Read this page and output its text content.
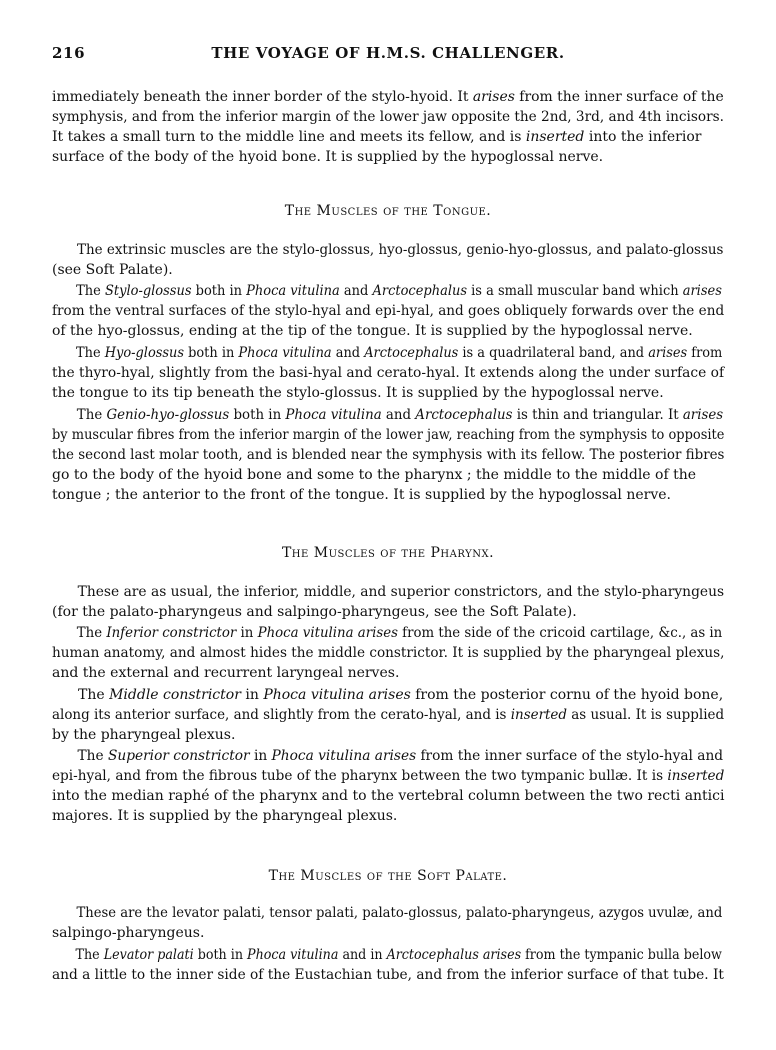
216	THE VOYAGE OF H.M.S. CHALLENGER.

immediately beneath the inner border of the stylo-hyoid. It arises from the inner surface of the
symphysis, and from the inferior margin of the lower jaw opposite the 2nd, 3rd, and 4th incisors.
It takes a small turn to the middle line and meets its fellow, and is inserted into the inferior
surface of the body of the hyoid bone. It is supplied by the hypoglossal nerve.

The Muscles of the Tongue.

The extrinsic muscles are the stylo-glossus, hyo-glossus, genio-hyo-glossus, and palato-glossus
(see Soft Palate).

The Stylo-glossus both in Phoca vitulina and Arctocephalus is a small muscular band which arises
from the ventral surfaces of the stylo-hyal and epi-hyal, and goes obliquely forwards over the end
of the hyo-glossus, ending at the tip of the tongue. It is supplied by the hypoglossal nerve.

The Hyo-glossus both in Phoca vitulina and Arctocephalus is a quadrilateral band, and arises from
the thyro-hyal, slightly from the basi-hyal and cerato-hyal. It extends along the under surface of
the tongue to its tip beneath the stylo-glossus. It is supplied by the hypoglossal nerve.

The Genio-hyo-glossus both in Phoca vitulina and Arctocephalus is thin and triangular. It arises
by muscular fibres from the inferior margin of the lower jaw, reaching from the symphysis to opposite
the second last molar tooth, and is blended near the symphysis with its fellow. The posterior fibres
go to the body of the hyoid bone and some to the pharynx ; the middle to the middle of the
tongue ; the anterior to the front of the tongue. It is supplied by the hypoglossal nerve.

The Muscles of the Pharynx.

These are as usual, the inferior, middle, and superior constrictors, and the stylo-pharyngeus
(for the palato-pharyngeus and salpingo-pharyngeus, see the Soft Palate).

The Inferior constrictor in Phoca vitulina arises from the side of the cricoid cartilage, &c., as in
human anatomy, and almost hides the middle constrictor. It is supplied by the pharyngeal plexus,
and the external and recurrent laryngeal nerves.

The Middle constrictor in Phoca vitulina arises from the posterior cornu of the hyoid bone,
along its anterior surface, and slightly from the cerato-hyal, and is inserted as usual. It is supplied
by the pharyngeal plexus.

The Superior constrictor in Phoca vitulina arises from the inner surface of the stylo-hyal and
epi-hyal, and from the fibrous tube of the pharynx between the two tympanic bullæ. It is inserted
into the median raphé of the pharynx and to the vertebral column between the two recti antici
majores. It is supplied by the pharyngeal plexus.

The Muscles of the Soft Palate.

These are the levator palati, tensor palati, palato-glossus, palato-pharyngeus, azygos uvulæ, and
salpingo-pharyngeus.

The Levator palati both in Phoca vitulina and in Arctocephalus arises from the tympanic bulla below
and a little to the inner side of the Eustachian tube, and from the inferior surface of that tube. It
